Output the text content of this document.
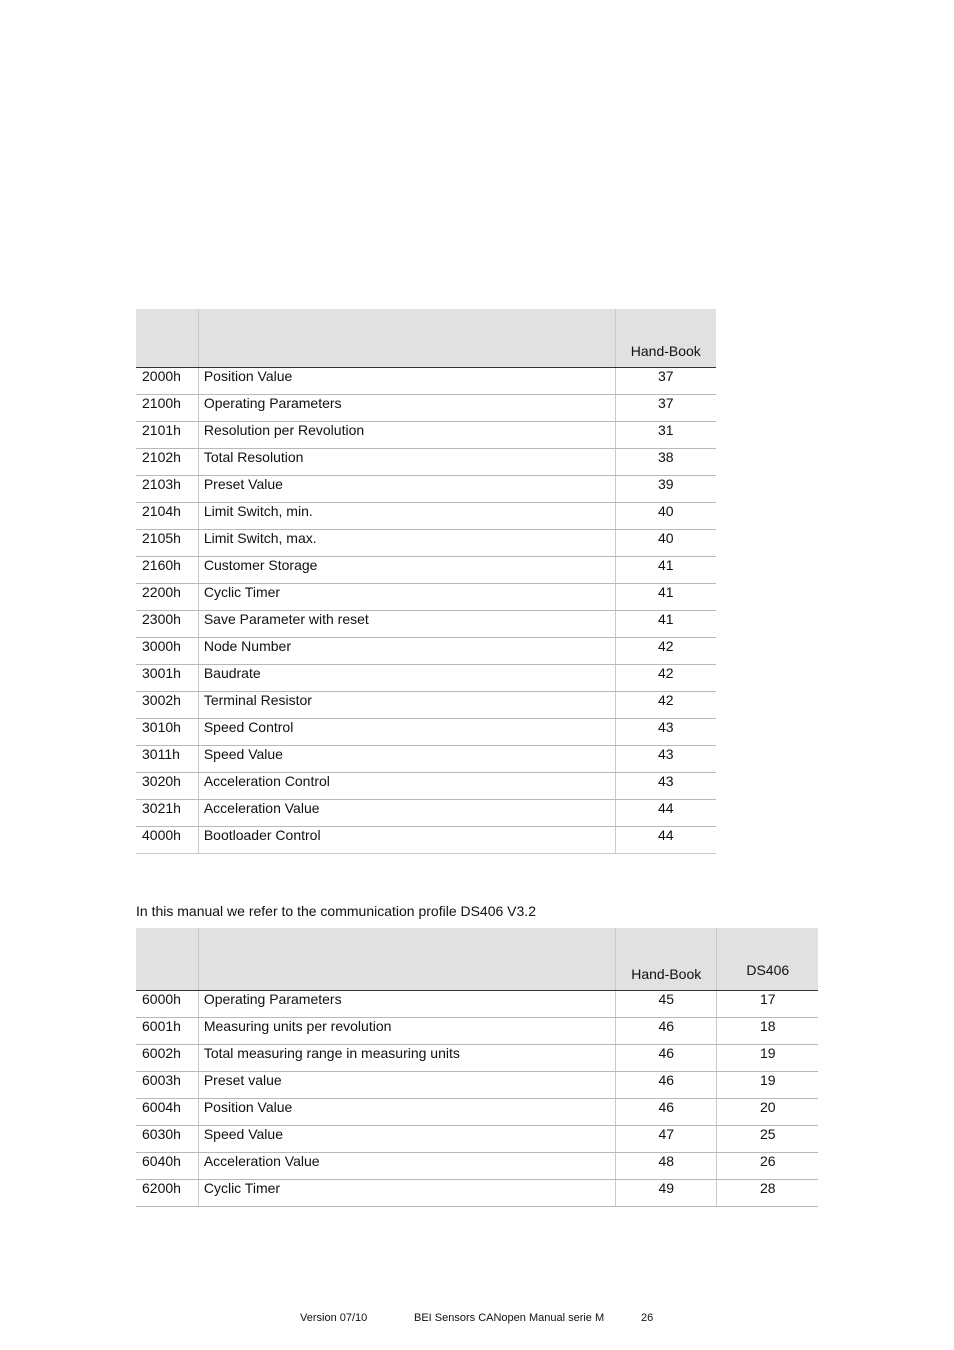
		Hand-Book
2000h	Position Value	37
2100h	Operating Parameters	37
2101h	Resolution per Revolution	31
2102h	Total Resolution	38
2103h	Preset Value	39
2104h	Limit Switch, min.	40
2105h	Limit Switch, max.	40
2160h	Customer Storage	41
2200h	Cyclic Timer	41
2300h	Save Parameter with reset	41
3000h	Node Number	42
3001h	Baudrate	42
3002h	Terminal Resistor	42
3010h	Speed Control	43
3011h	Speed Value	43
3020h	Acceleration Control	43
3021h	Acceleration Value	44
4000h	Bootloader Control	44
In this manual we refer to the communication profile DS406 V3.2
		Hand-Book	DS406
6000h	Operating Parameters	45	17
6001h	Measuring units per revolution	46	18
6002h	Total measuring range in measuring units	46	19
6003h	Preset value	46	19
6004h	Position Value	46	20
6030h	Speed Value	47	25
6040h	Acceleration Value	48	26
6200h	Cyclic Timer	49	28
Version 07/10	BEI Sensors CANopen Manual serie M	26
